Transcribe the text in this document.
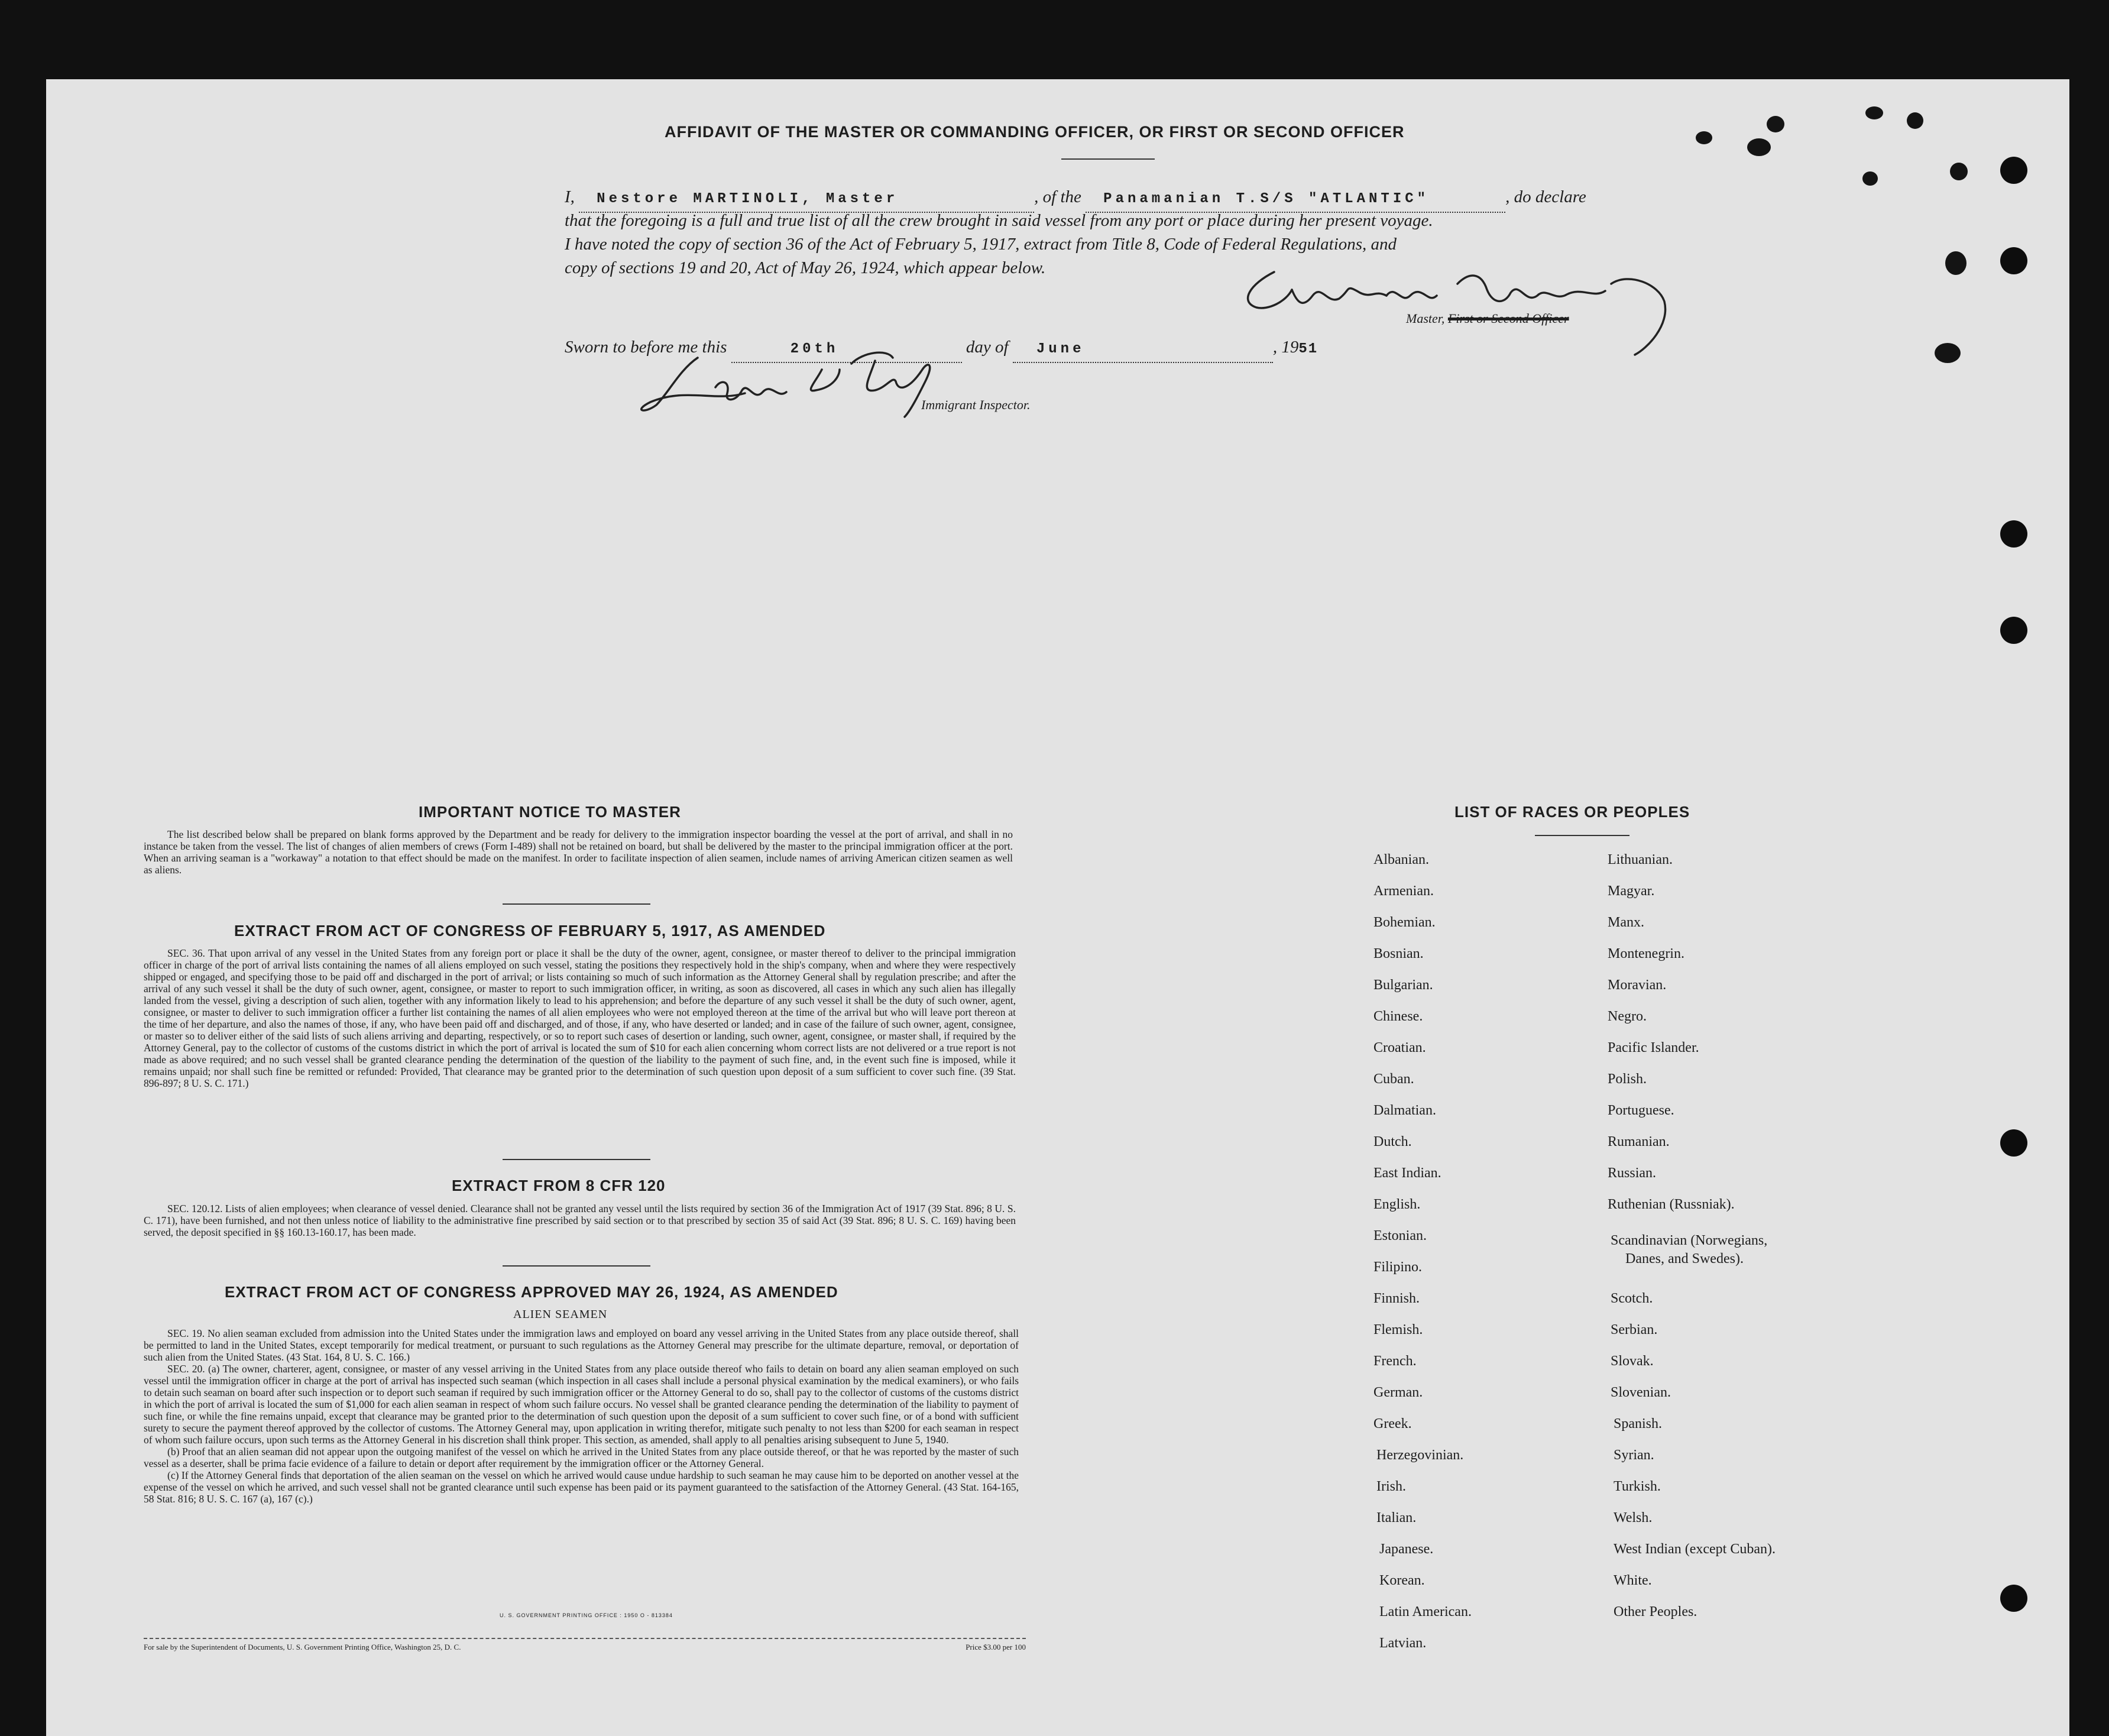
AFFIDAVIT OF THE MASTER OR COMMANDING OFFICER, OR FIRST OR SECOND OFFICER
I, Nestore MARTINOLI, Master	, of the Panamanian T.S/S "ATLANTIC"	, do declare
that the foregoing is a full and true list of all the crew brought in said vessel from any port or place during her present voyage.
I have noted the copy of section 36 of the Act of February 5, 1917, extract from Title 8, Code of Federal Regulations, and
copy of sections 19 and 20, Act of May 26, 1924, which appear below.
Master, First or Second Officer
Sworn to before me this	20th	day of June	, 1951
Immigrant Inspector.
IMPORTANT NOTICE TO MASTER

The list described below shall be prepared on blank forms approved by the Department and be ready for delivery to the immigration inspector boarding the vessel at the port of arrival, and shall in no instance be taken from the vessel. The list of changes of alien members of crews (Form I-489) shall not be retained on board, but shall be delivered by the master to the principal immigration officer at the port. When an arriving seaman is a "workaway" a notation to that effect should be made on the manifest. In order to facilitate inspection of alien seamen, include names of arriving American citizen seamen as well as aliens.

EXTRACT FROM ACT OF CONGRESS OF FEBRUARY 5, 1917, AS AMENDED

SEC. 36. That upon arrival of any vessel in the United States from any foreign port or place it shall be the duty of the owner, agent, consignee, or master thereof to deliver to the principal immigration officer in charge of the port of arrival lists containing the names of all aliens employed on such vessel, stating the positions they respectively hold in the ship's company, when and where they were respectively shipped or engaged, and specifying those to be paid off and discharged in the port of arrival; or lists containing so much of such information as the Attorney General shall by regulation prescribe; and after the arrival of any such vessel it shall be the duty of such owner, agent, consignee, or master to report to such immigration officer, in writing, as soon as discovered, all cases in which any such alien has illegally landed from the vessel, giving a description of such alien, together with any information likely to lead to his apprehension; and before the departure of any such vessel it shall be the duty of such owner, agent, consignee, or master to deliver to such immigration officer a further list containing the names of all alien employees who were not employed thereon at the time of the arrival but who will leave port thereon at the time of her departure, and also the names of those, if any, who have been paid off and discharged, and of those, if any, who have deserted or landed; and in case of the failure of such owner, agent, consignee, or master so to deliver either of the said lists of such aliens arriving and departing, respectively, or so to report such cases of desertion or landing, such owner, agent, consignee, or master shall, if required by the Attorney General, pay to the collector of customs of the customs district in which the port of arrival is located the sum of $10 for each alien concerning whom correct lists are not delivered or a true report is not made as above required; and no such vessel shall be granted clearance pending the determination of the question of the liability to the payment of such fine, and, in the event such fine is imposed, while it remains unpaid; nor shall such fine be remitted or refunded: Provided, That clearance may be granted prior to the determination of such question upon deposit of a sum sufficient to cover such fine. (39 Stat. 896-897; 8 U. S. C. 171.)

EXTRACT FROM 8 CFR 120

SEC. 120.12. Lists of alien employees; when clearance of vessel denied. Clearance shall not be granted any vessel until the lists required by section 36 of the Immigration Act of 1917 (39 Stat. 896; 8 U. S. C. 171), have been furnished, and not then unless notice of liability to the administrative fine prescribed by said section or to that prescribed by section 35 of said Act (39 Stat. 896; 8 U. S. C. 169) having been served, the deposit specified in §§ 160.13-160.17, has been made.

EXTRACT FROM ACT OF CONGRESS APPROVED MAY 26, 1924, AS AMENDED
ALIEN SEAMEN

SEC. 19. No alien seaman excluded from admission into the United States under the immigration laws and employed on board any vessel arriving in the United States from any place outside thereof, shall be permitted to land in the United States, except temporarily for medical treatment, or pursuant to such regulations as the Attorney General may prescribe for the ultimate departure, removal, or deportation of such alien from the United States. (43 Stat. 164, 8 U. S. C. 166.)

SEC. 20. (a) The owner, charterer, agent, consignee, or master of any vessel arriving in the United States from any place outside thereof who fails to detain on board any alien seaman employed on such vessel until the immigration officer in charge at the port of arrival has inspected such seaman (which inspection in all cases shall include a personal physical examination by the medical examiners), or who fails to detain such seaman on board after such inspection or to deport such seaman if required by such immigration officer or the Attorney General to do so, shall pay to the collector of customs of the customs district in which the port of arrival is located the sum of $1,000 for each alien seaman in respect of whom such failure occurs. No vessel shall be granted clearance pending the determination of the liability to payment of such fine, or while the fine remains unpaid, except that clearance may be granted prior to the determination of such question upon the deposit of a sum sufficient to cover such fine, or of a bond with sufficient surety to secure the payment thereof approved by the collector of customs. The Attorney General may, upon application in writing therefor, mitigate such penalty to not less than $200 for each seaman in respect of whom such failure occurs, upon such terms as the Attorney General in his discretion shall think proper. This section, as amended, shall apply to all penalties arising subsequent to June 5, 1940.

(b) Proof that an alien seaman did not appear upon the outgoing manifest of the vessel on which he arrived in the United States from any place outside thereof, or that he was reported by the master of such vessel as a deserter, shall be prima facie evidence of a failure to detain or deport after requirement by the immigration officer or the Attorney General.

(c) If the Attorney General finds that deportation of the alien seaman on the vessel on which he arrived would cause undue hardship to such seaman he may cause him to be deported on another vessel at the expense of the vessel on which he arrived, and such vessel shall not be granted clearance until such expense has been paid or its payment guaranteed to the satisfaction of the Attorney General. (43 Stat. 164-165, 58 Stat. 816; 8 U. S. C. 167 (a), 167 (c).)

U. S. GOVERNMENT PRINTING OFFICE : 1950 O - 813384
For sale by the Superintendent of Documents, U. S. Government Printing Office, Washington 25, D. C.	Price $3.00 per 100
LIST OF RACES OR PEOPLES
Albanian.
Armenian.
Bohemian.
Bosnian.
Bulgarian.
Chinese.
Croatian.
Cuban.
Dalmatian.
Dutch.
East Indian.
English.
Estonian.
Filipino.
Finnish.
Flemish.
French.
German.
Greek.
Herzegovinian.
Irish.
Italian.
Japanese.
Korean.
Latin American.
Latvian.
Lithuanian.
Magyar.
Manx.
Montenegrin.
Moravian.
Negro.
Pacific Islander.
Polish.
Portuguese.
Rumanian.
Russian.
Ruthenian (Russniak).
Scandinavian (Norwegians,
Danes, and Swedes).
Scotch.
Serbian.
Slovak.
Slovenian.
Spanish.
Syrian.
Turkish.
Welsh.
West Indian (except Cuban).
White.
Other Peoples.
